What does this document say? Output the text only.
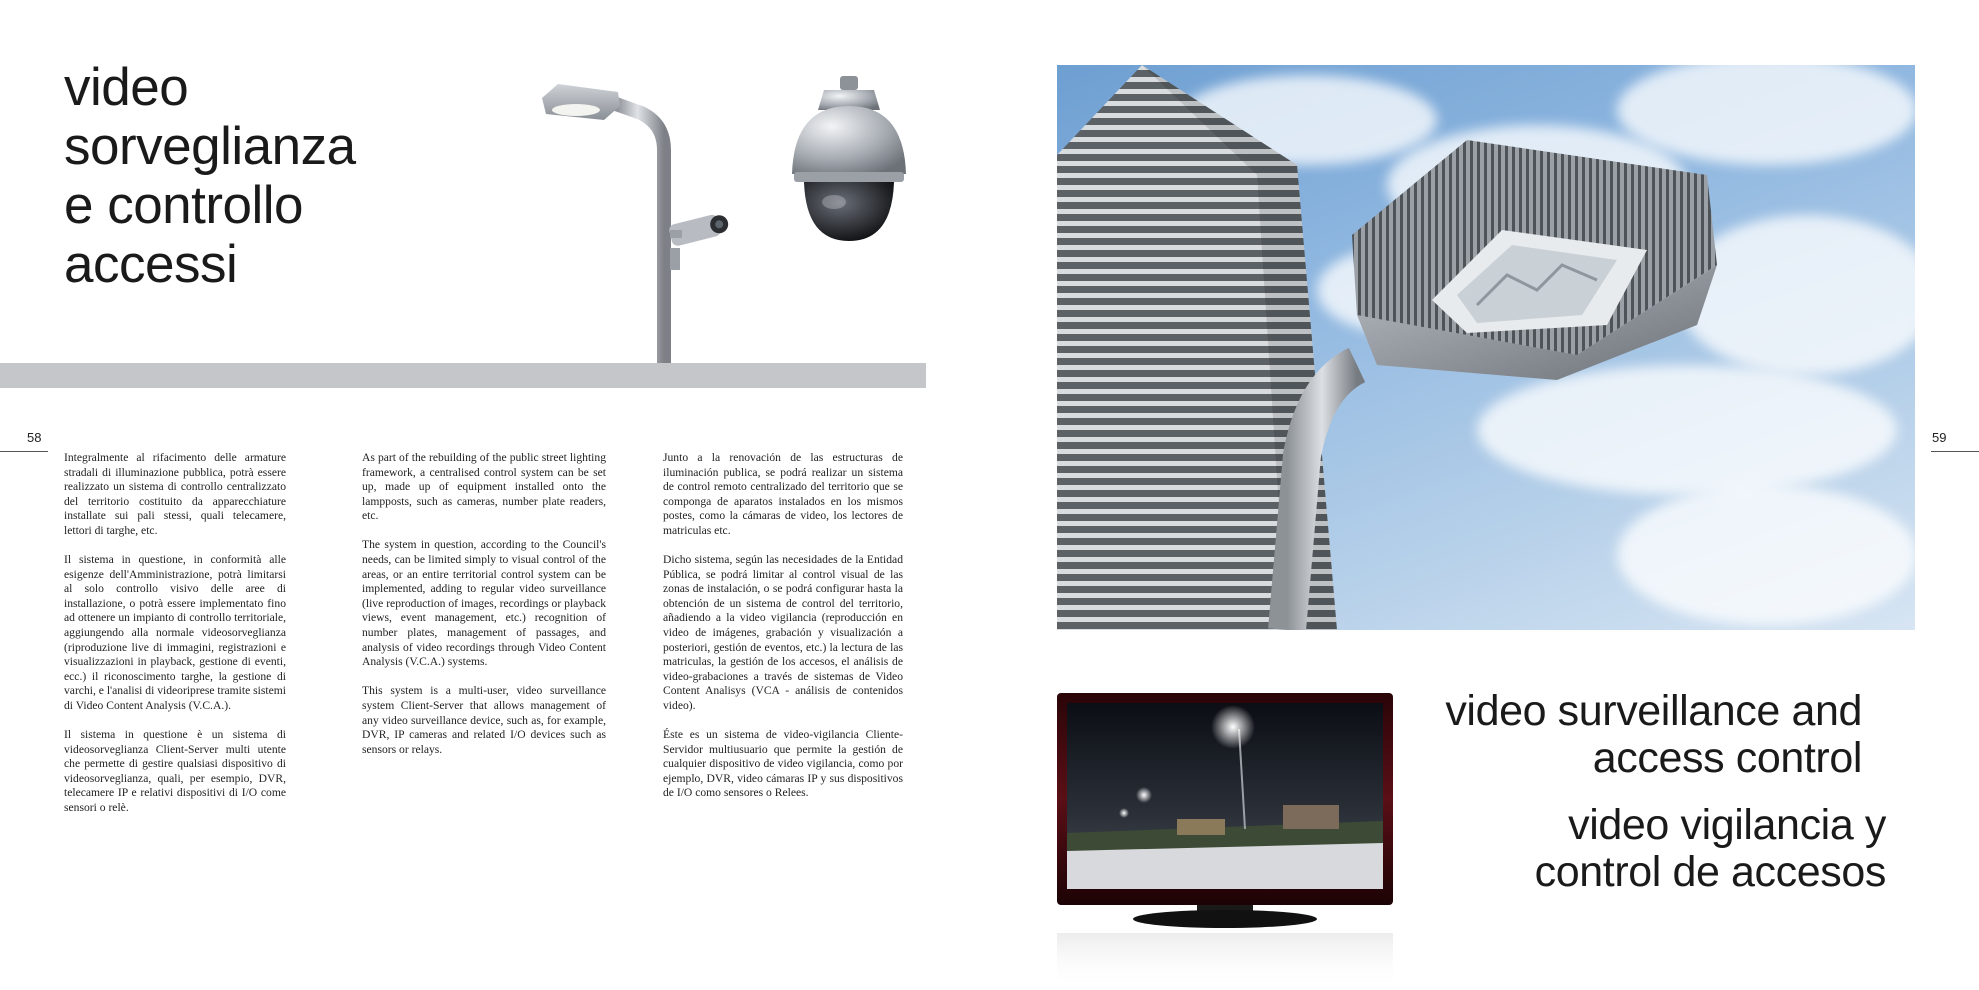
video
sorveglianza
e controllo
accessi
58

Integralmente al rifacimento delle armature stradali di illuminazione pubblica, potrà essere realizzato un sistema di controllo centralizzato del territorio costituito da apparecchiature installate sui pali stessi, quali telecamere, lettori di targhe, etc.

Il sistema in questione, in conformità alle esigenze dell'Amministrazione, potrà limitarsi al solo controllo visivo delle aree di installazione, o potrà essere implementato fino ad ottenere un impianto di controllo territoriale, aggiungendo alla normale videosorveglianza (riproduzione live di immagini, registrazioni e visualizzazioni in playback, gestione di eventi, ecc.) il riconoscimento targhe, la gestione di varchi, e l'analisi di videoriprese tramite sistemi di Video Content Analysis (V.C.A.).

Il sistema in questione è un sistema di videosorveglianza Client-Server multi utente che permette di gestire qualsiasi dispositivo di videosorveglianza, quali, per esempio, DVR, telecamere IP e relativi dispositivi di I/O come sensori o relè.

As part of the rebuilding of the public street lighting framework, a centralised control system can be set up, made up of equipment installed onto the lampposts, such as cameras, number plate readers, etc.

The system in question, according to the Council's needs, can be limited simply to visual control of the areas, or an entire territorial control system can be implemented, adding to regular video surveillance (live reproduction of images, recordings or playback views, event management, etc.) recognition of number plates, management of passages, and analysis of video recordings through Video Content Analysis (V.C.A.) systems.

This system is a multi-user, video surveillance system Client-Server that allows management of any video surveillance device, such as, for example, DVR, IP cameras and related I/O devices such as sensors or relays.

Junto a la renovación de las estructuras de iluminación publica, se podrá realizar un sistema de control remoto centralizado del territorio que se componga de aparatos instalados en los mismos postes, como la cámaras de video, los lectores de matriculas etc.

Dicho sistema, según las necesidades de la Entidad Pública, se podrá limitar al control visual de las zonas de instalación, o se podrá configurar hasta la obtención de un sistema de control del territorio, añadiendo a la video vigilancia (reproducción en video de imágenes, grabación y visualización a posteriori, gestión de eventos, etc.) la lectura de las matriculas, la gestión de los accesos, el análisis de video-grabaciones a través de sistemas de Video Content Analisys (VCA - análisis de contenidos video).

Éste es un sistema de video-vigilancia Cliente-Servidor multiusuario que permite la gestión de cualquier dispositivo de video vigilancia, como por ejemplo, DVR, video cámaras IP y sus dispositivos de I/O como sensores o Relees.

video surveillance and
access control
video vigilancia y
control de accesos
59
